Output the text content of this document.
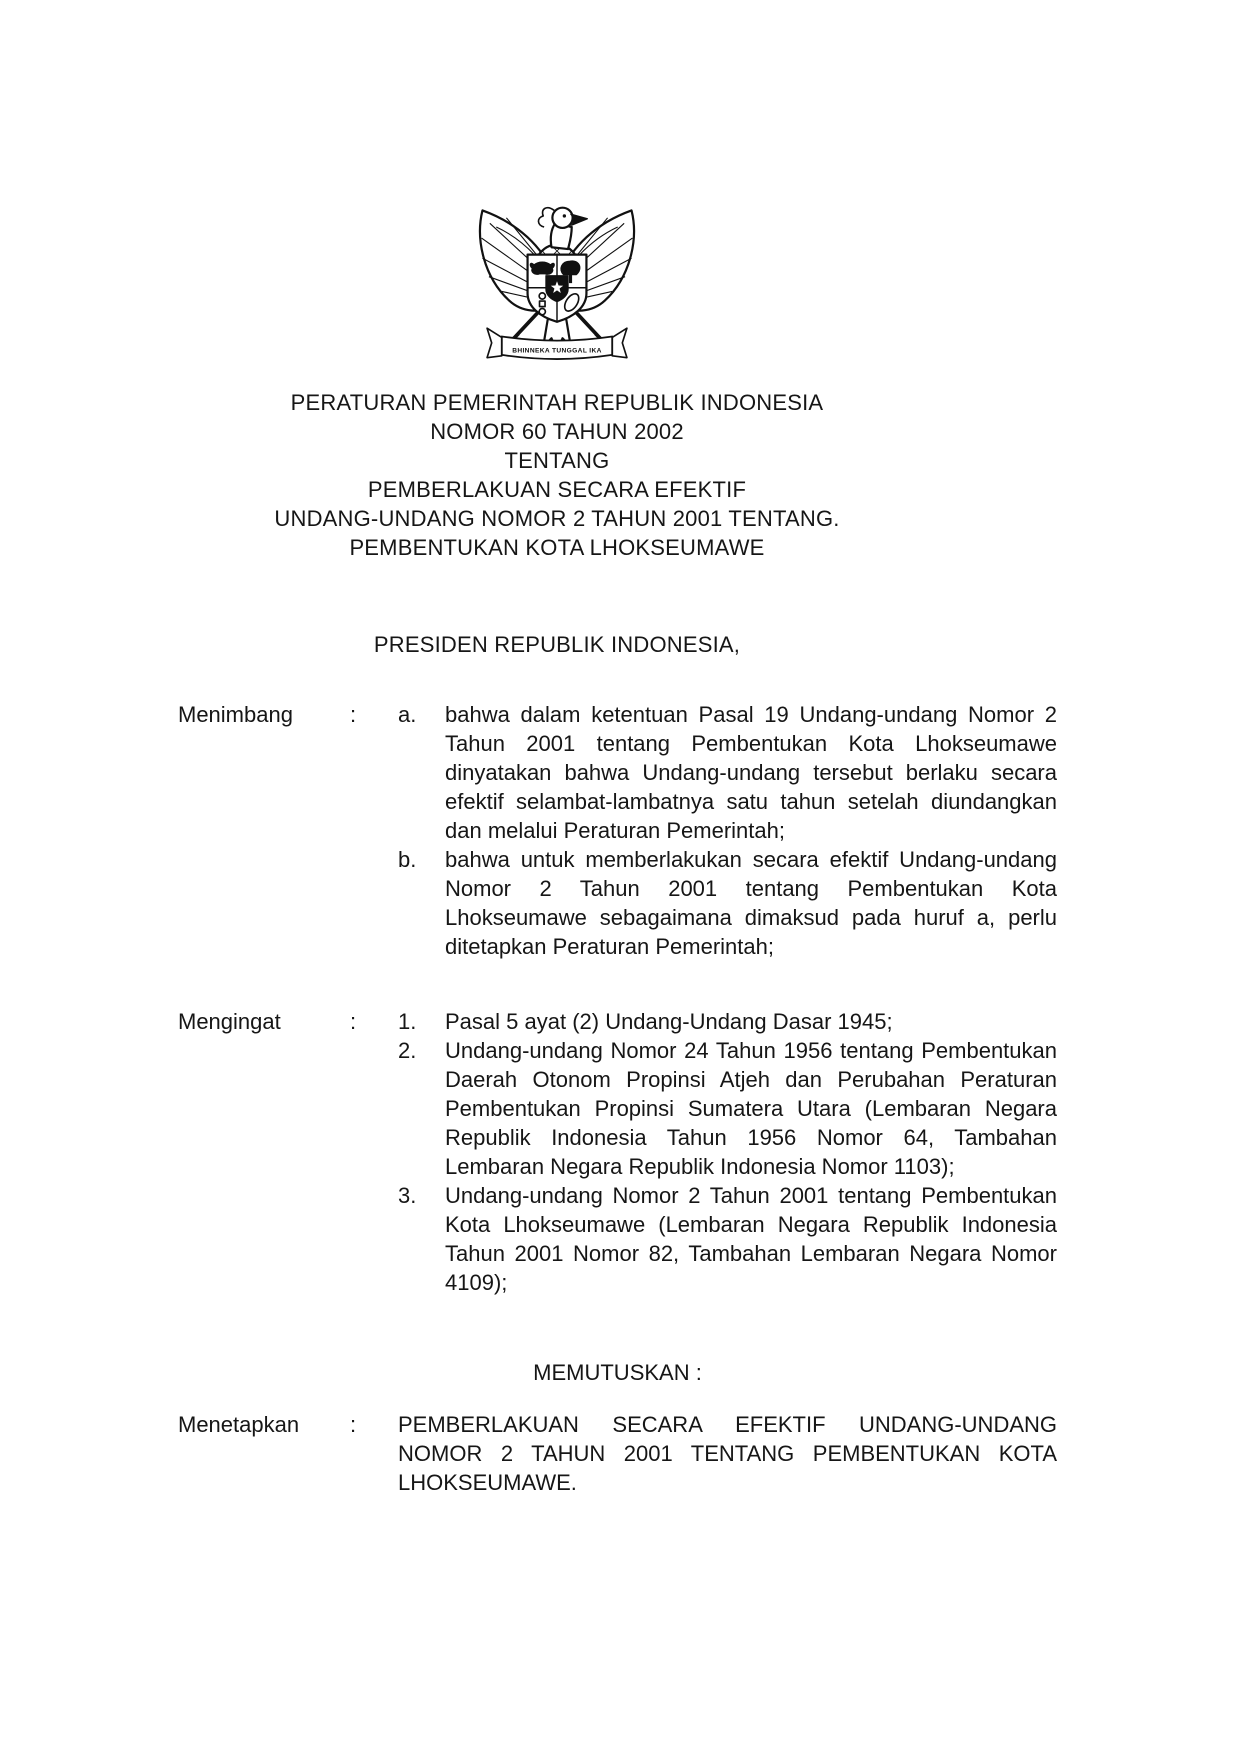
BHINNEKA TUNGGAL IKA
PERATURAN PEMERINTAH REPUBLIK INDONESIA
NOMOR 60 TAHUN 2002
TENTANG
PEMBERLAKUAN SECARA EFEKTIF
UNDANG-UNDANG NOMOR 2 TAHUN 2001 TENTANG.
PEMBENTUKAN KOTA LHOKSEUMAWE
PRESIDEN REPUBLIK INDONESIA,
Menimbang	:	a.	bahwa dalam ketentuan Pasal 19 Undang-undang Nomor 2 Tahun 2001 tentang Pembentukan Kota Lhokseumawe dinyatakan bahwa Undang-undang tersebut berlaku secara efektif selambat-lambatnya satu tahun setelah diundangkan dan melalui Peraturan Pemerintah;
b.	bahwa untuk memberlakukan secara efektif Undang-undang Nomor 2 Tahun 2001 tentang Pembentukan Kota Lhokseumawe sebagaimana dimaksud pada huruf a, perlu ditetapkan Peraturan Pemerintah;
Mengingat	:	1.	Pasal 5 ayat (2) Undang-Undang Dasar 1945;
2.	Undang-undang Nomor 24 Tahun 1956 tentang Pembentukan Daerah Otonom Propinsi Atjeh dan Perubahan Peraturan Pembentukan Propinsi Sumatera Utara (Lembaran Negara Republik Indonesia Tahun 1956 Nomor 64, Tambahan Lembaran Negara Republik Indonesia Nomor 1103);
3.	Undang-undang Nomor 2 Tahun 2001 tentang Pembentukan Kota Lhokseumawe (Lembaran Negara Republik Indonesia Tahun 2001 Nomor 82, Tambahan Lembaran Negara Nomor 4109);
MEMUTUSKAN :
Menetapkan	:	PEMBERLAKUAN SECARA EFEKTIF UNDANG-UNDANG NOMOR 2 TAHUN 2001 TENTANG PEMBENTUKAN KOTA LHOKSEUMAWE.
